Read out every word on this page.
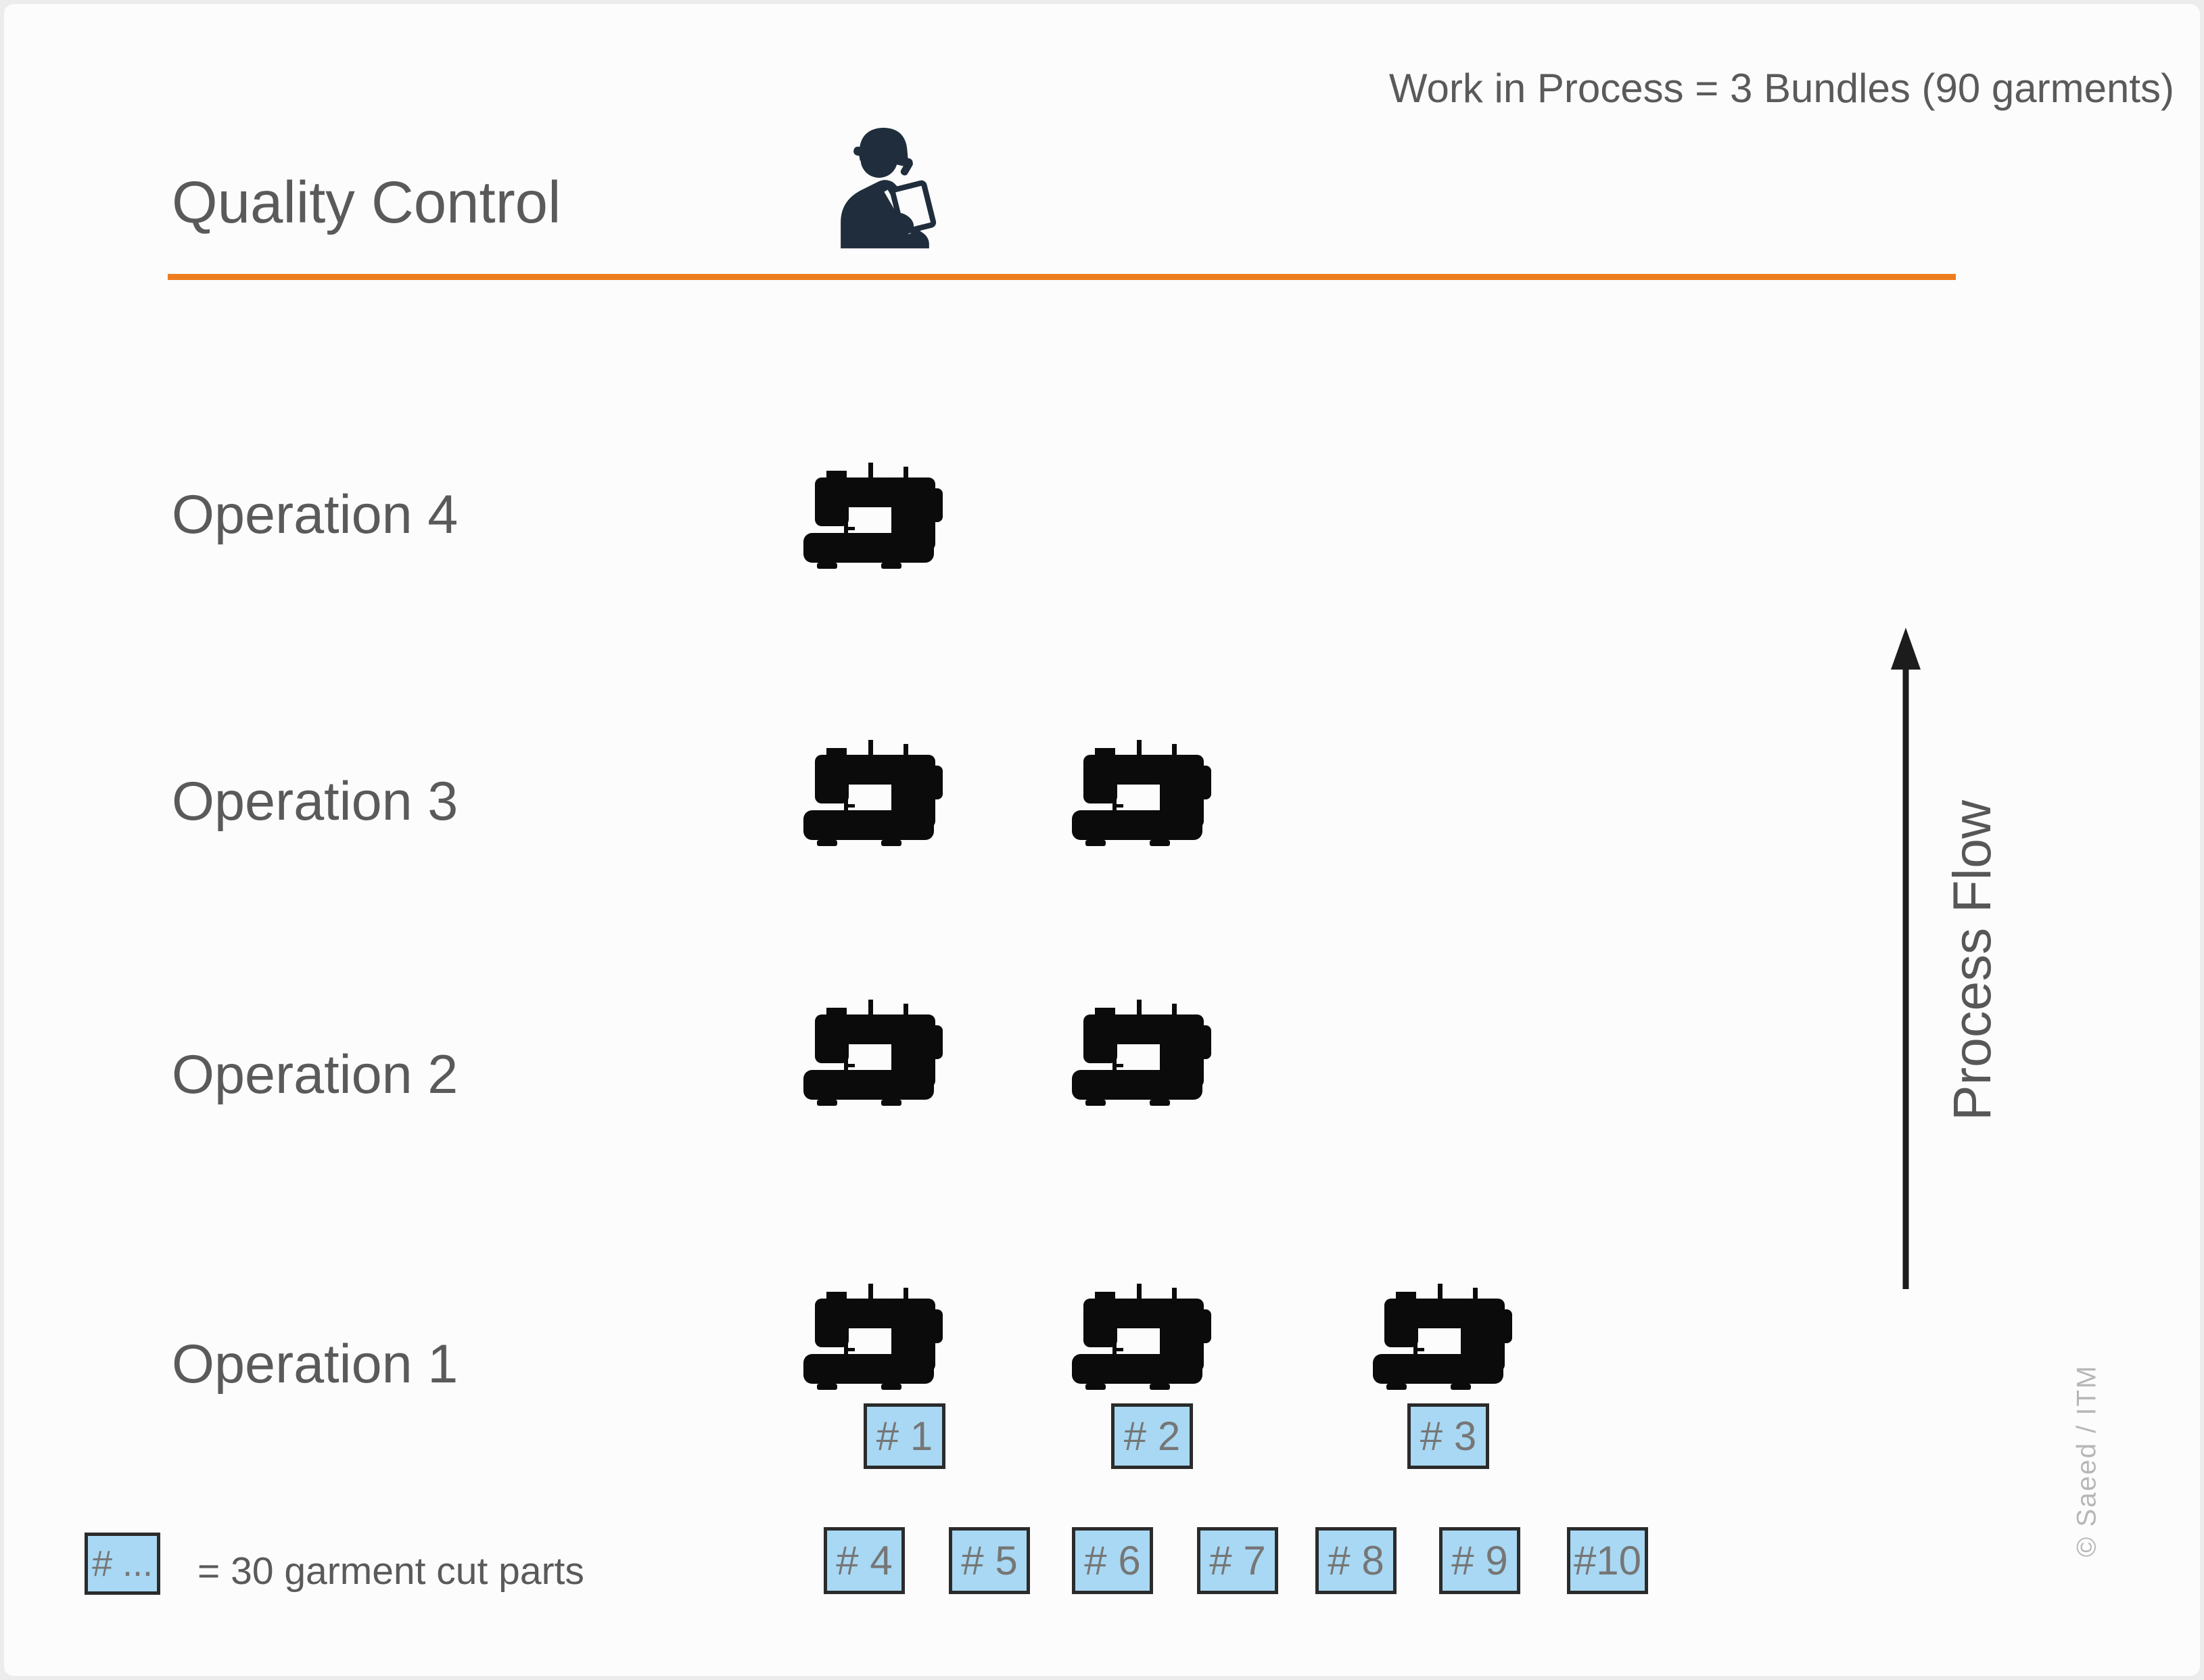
Work in Process = 3 Bundles (90 garments)
Quality Control
Operation 4
Operation 3
Operation 2
Operation 1
# 1	# 2	# 3
# 4 # 5 # 6 # 7 # 8 # 9 #10
# ... = 30 garment cut parts
Process Flow
© Saeed / ITM
